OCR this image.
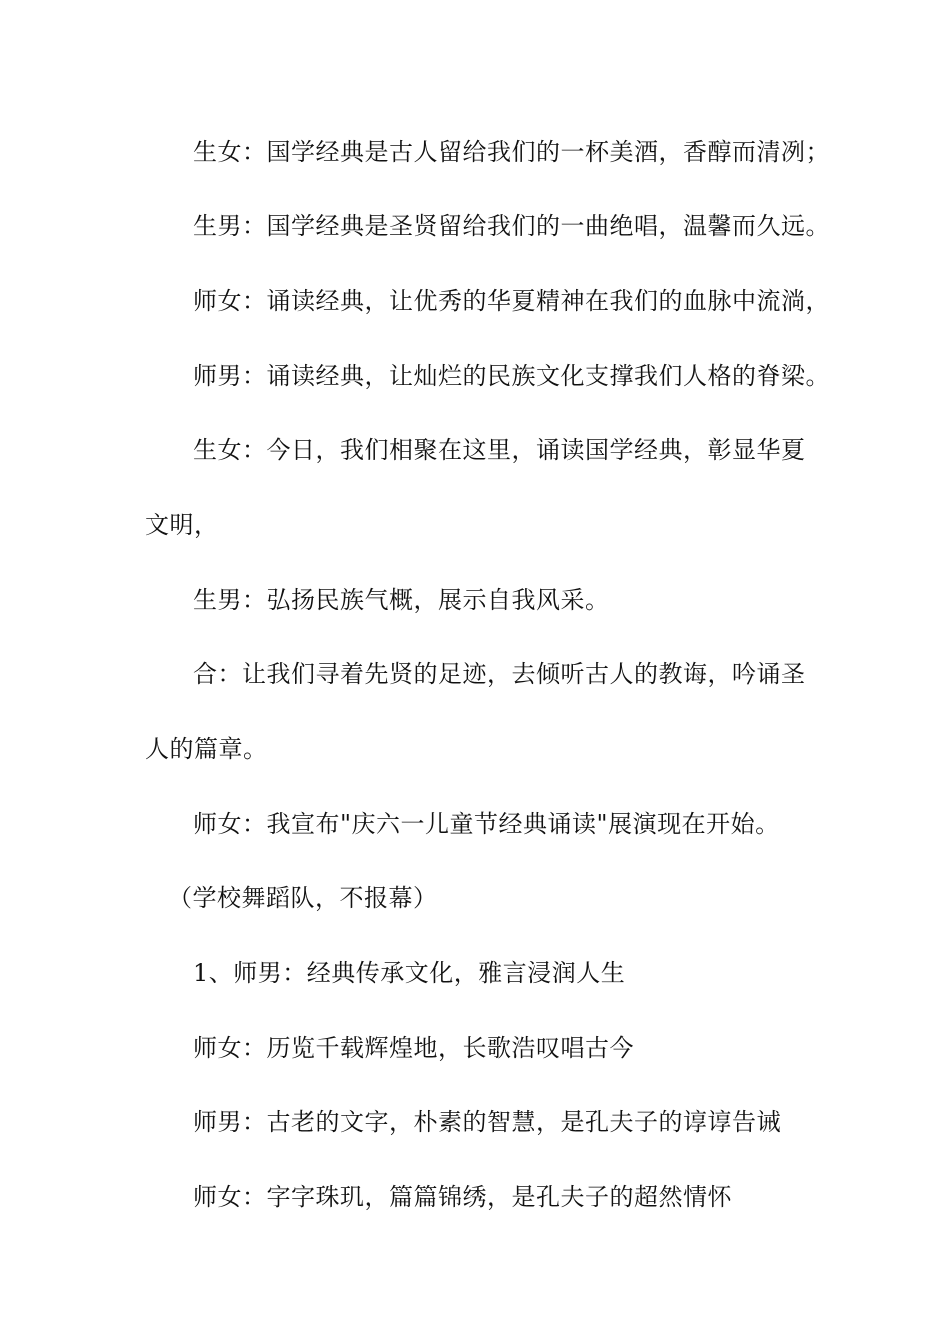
生女：国学经典是古人留给我们的一杯美酒，香醇而清冽；
生男：国学经典是圣贤留给我们的一曲绝唱，温馨而久远。
师女：诵读经典，让优秀的华夏精神在我们的血脉中流淌，
师男：诵读经典，让灿烂的民族文化支撑我们人格的脊梁。
生女：今日，我们相聚在这里，诵读国学经典，彰显华夏
文明，
生男：弘扬民族气概，展示自我风采。
合：让我们寻着先贤的足迹，去倾听古人的教诲，吟诵圣
人的篇章。
师女：我宣布"庆六一儿童节经典诵读"展演现在开始。
（学校舞蹈队，不报幕）
1、师男：经典传承文化，雅言浸润人生
师女：历览千载辉煌地，长歌浩叹唱古今
师男：古老的文字，朴素的智慧，是孔夫子的谆谆告诫
师女：字字珠玑，篇篇锦绣，是孔夫子的超然情怀
